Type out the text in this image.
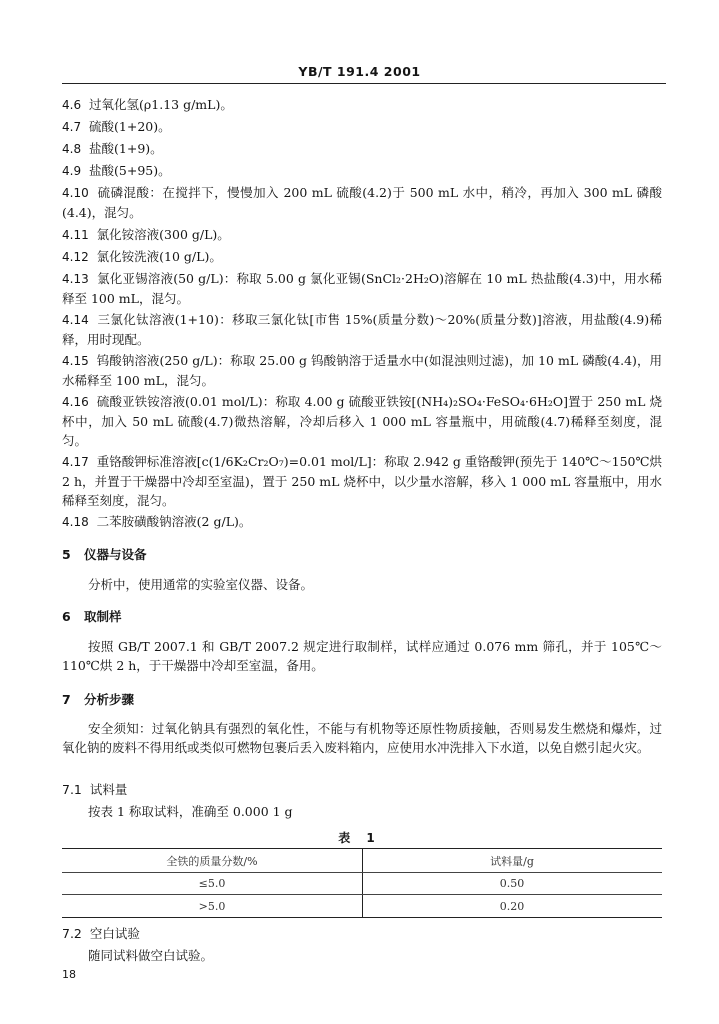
YB/T 191.4 2001
4.6 过氧化氢(ρ1.13 g/mL)。
4.7 硫酸(1+20)。
4.8 盐酸(1+9)。
4.9 盐酸(5+95)。
4.10 硫磷混酸：在搅拌下，慢慢加入 200 mL 硫酸(4.2)于 500 mL 水中，稍冷，再加入 300 mL 磷酸(4.4)，混匀。
4.11 氯化铵溶液(300 g/L)。
4.12 氯化铵洗液(10 g/L)。
4.13 氯化亚锡溶液(50 g/L)：称取 5.00 g 氯化亚锡(SnCl₂·2H₂O)溶解在 10 mL 热盐酸(4.3)中，用水稀释至 100 mL，混匀。
4.14 三氯化钛溶液(1+10)：移取三氯化钛[市售 15%(质量分数)～20%(质量分数)]溶液，用盐酸(4.9)稀释，用时现配。
4.15 钨酸钠溶液(250 g/L)：称取 25.00 g 钨酸钠溶于适量水中(如混浊则过滤)，加 10 mL 磷酸(4.4)，用水稀释至 100 mL，混匀。
4.16 硫酸亚铁铵溶液(0.01 mol/L)：称取 4.00 g 硫酸亚铁铵[(NH₄)₂SO₄·FeSO₄·6H₂O]置于 250 mL 烧杯中，加入 50 mL 硫酸(4.7)微热溶解，冷却后移入 1 000 mL 容量瓶中，用硫酸(4.7)稀释至刻度，混匀。
4.17 重铬酸钾标准溶液[c(1/6K₂Cr₂O₇)=0.01 mol/L]：称取 2.942 g 重铬酸钾(预先于 140℃～150℃烘 2 h，并置于干燥器中冷却至室温)，置于 250 mL 烧杯中，以少量水溶解，移入 1 000 mL 容量瓶中，用水稀释至刻度，混匀。
4.18 二苯胺磺酸钠溶液(2 g/L)。
5 仪器与设备
分析中，使用通常的实验室仪器、设备。
6 取制样
按照 GB/T 2007.1 和 GB/T 2007.2 规定进行取制样，试样应通过 0.076 mm 筛孔，并于 105℃～110℃烘 2 h，于干燥器中冷却至室温，备用。
7 分析步骤
安全须知：过氧化钠具有强烈的氧化性，不能与有机物等还原性物质接触，否则易发生燃烧和爆炸，过氧化钠的废料不得用纸或类似可燃物包裹后丢入废料箱内，应使用水冲洗排入下水道，以免自燃引起火灾。
7.1 试料量
按表 1 称取试料，准确至 0.000 1 g
表 1
全铁的质量分数/%	试料量/g
≤5.0	0.50
>5.0	0.20
7.2 空白试验
随同试料做空白试验。
18
